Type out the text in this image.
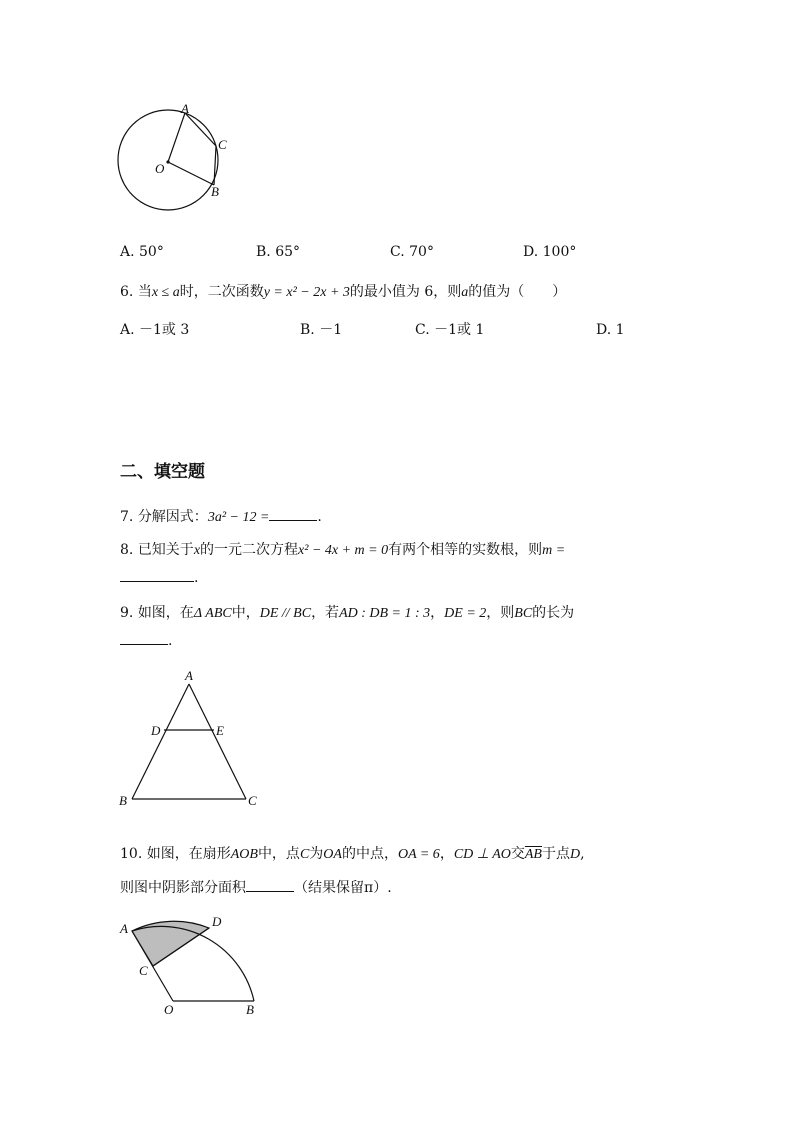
A
C
O
B
A. 50°	B. 65°	C. 70°	D. 100°
6. 当x ≤ a时，二次函数y = x² − 2x + 3的最小值为 6，则a的值为（　　）
A. －1或 3	B. －1	C. －1或 1	D. 1
二、填空题
7. 分解因式：3a² − 12 =	.
8. 已知关于x的一元二次方程x² − 4x + m = 0有两个相等的实数根，则m =
.
9. 如图，在Δ ABC中，DE // BC，若AD : DB = 1 : 3，DE = 2，则BC的长为
.
A
D	E
B	C
10. 如图，在扇形AOB中，点C为OA的中点，OA = 6，CD ⊥ AO交$\overline{AB}$于点D,
则图中阴影部分面积	（结果保留π）.
A	D
C
O	B
